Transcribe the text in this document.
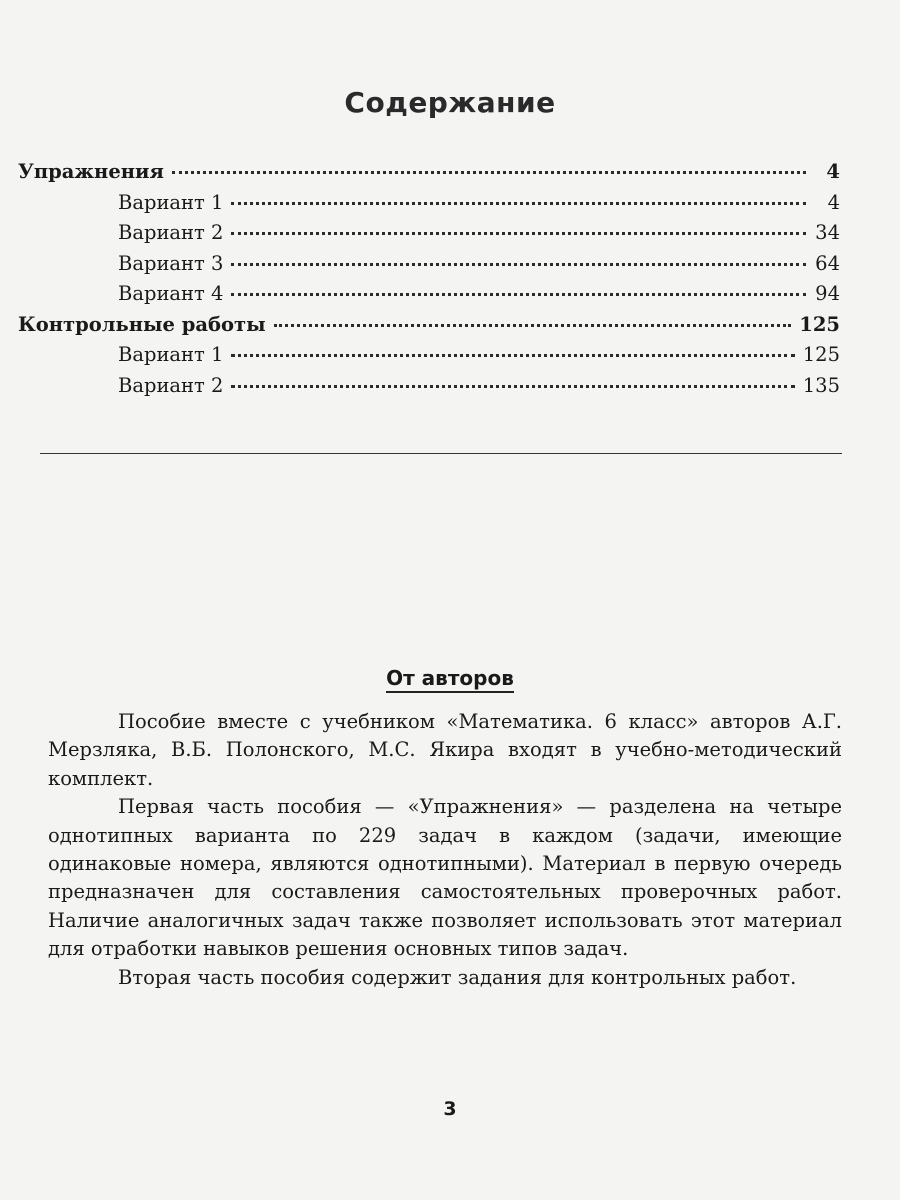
Содержание
Упражнения	4
Вариант 1	4
Вариант 2	34
Вариант 3	64
Вариант 4	94
Контрольные работы	125
Вариант 1	125
Вариант 2	135
От авторов

Пособие вместе с учебником «Математика. 6 класс» авторов А.Г. Мерзляка, В.Б. Полонского, М.С. Якира входят в учебно-методический комплект.

Первая часть пособия — «Упражнения» — разделена на четыре однотипных варианта по 229 задач в каждом (задачи, имеющие одинаковые номера, являются однотипными). Материал в первую очередь предназначен для составления самостоятельных проверочных работ. Наличие аналогичных задач также позволяет использовать этот материал для отработки навыков решения основных типов задач.

Вторая часть пособия содержит задания для контрольных работ.

3
